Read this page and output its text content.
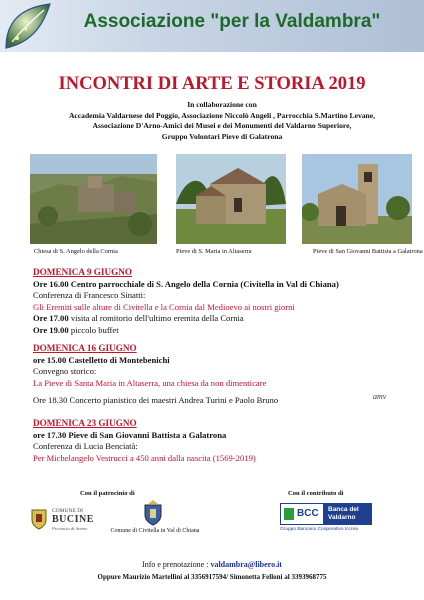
Associazione "per la Valdambra"
INCONTRI DI ARTE E STORIA 2019
In collaborazione con
Accademia Valdarnese del Poggio, Associazione Niccolò Angeli , Parrocchia S.Martino Levane,
Associazione D'Arno-Amici dei Musei e dei Monumenti del Valdarno Superiore,
Gruppo Volontari Pieve di Galatrona
Chiesa di S. Angelo della Cornia	Pieve di S. Maria in Altaserra	Pieve di San Giovanni Battista a Galatrona
DOMENICA 9 GIUGNO
Ore 16.00 Centro parrocchiale di S. Angelo della Cornia (Civitella in Val di Chiana)
Conferenza di Francesco Sinatti:
Gli Eremiti sulle alture di Civitella e la Cornia dal Medioevo ai nostri giorni
Ore 17.00 visita al romitorio dell'ultimo eremita della Cornia
Ore 19.00 piccolo buffet
DOMENICA 16 GIUGNO
ore 15.00 Castelletto di Montebenichi
Convegno storico:
La Pieve di Santa Maria in Altaserra, una chiesa da non dimenticare
Ore 18.30 Concerto pianistico dei maestri Andrea Turini e Paolo Bruno	amv
DOMENICA 23 GIUGNO
ore 17.30 Pieve di San Giovanni Battista a Galatrona
Conferenza di Lucia Benciatà:
Per Michelangelo Vestrucci a 450 anni dalla nascita (1569-2019)
Con il patrocinio di
COMUNE DI
BUCINE
Provincia di Arezzo	Comune di Civitella in Val di Chiana
Con il contributo di
BCC Banca del
Valdarno
Gruppo Bancario Cooperativo Iccrea
Info e prenotazione : valdambra@libero.it
Oppure Maurizio Martellini al 3356917594/ Simonetta Felloni al 3393968775
